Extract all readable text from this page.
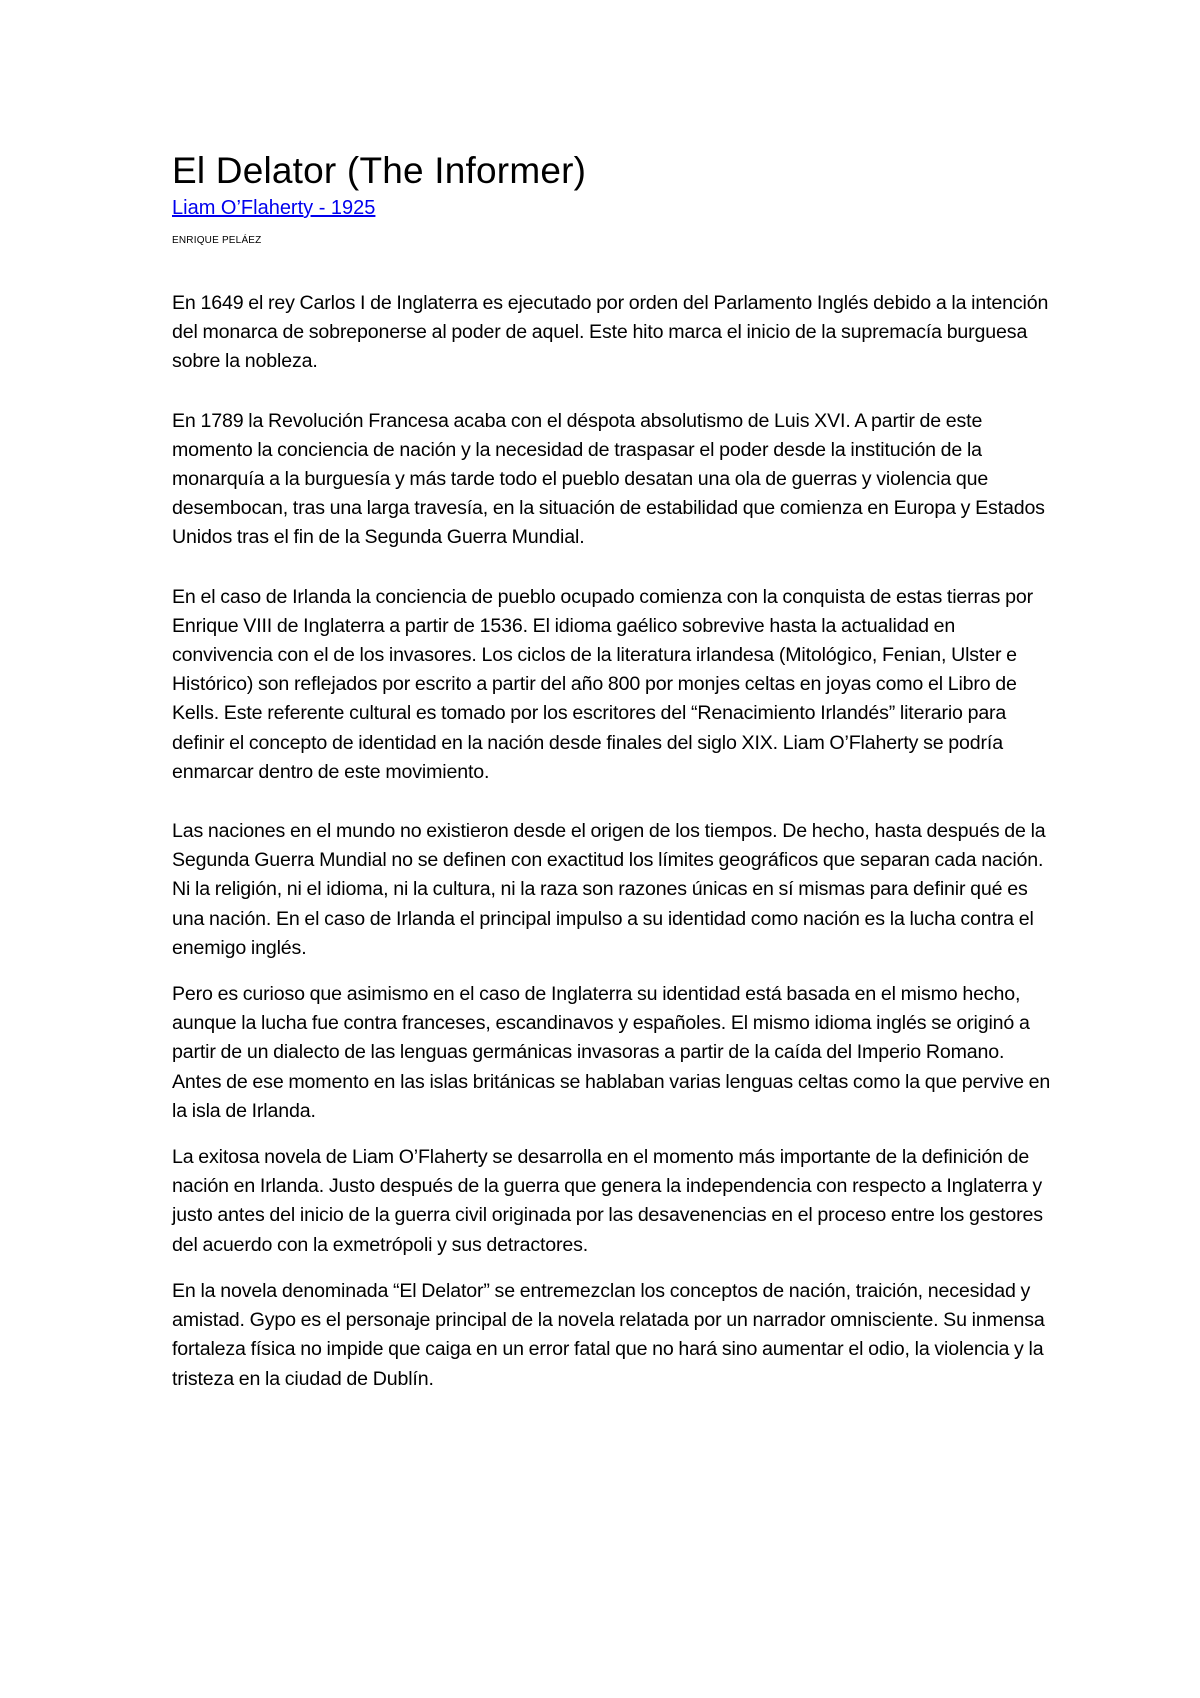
El Delator (The Informer)

Liam O’Flaherty - 1925

ENRIQUE PELÁEZ

En 1649 el rey Carlos I de Inglaterra es ejecutado por orden del Parlamento Inglés debido a la intención del monarca de sobreponerse al poder de aquel. Este hito marca el inicio de la supremacía burguesa sobre la nobleza.

En 1789 la Revolución Francesa acaba con el déspota absolutismo de Luis XVI. A partir de este momento la conciencia de nación y la necesidad de traspasar el poder desde la institución de la monarquía a la burguesía y más tarde todo el pueblo desatan una ola de guerras y violencia que desembocan, tras una larga travesía, en la situación de estabilidad que comienza en Europa y Estados Unidos tras el fin de la Segunda Guerra Mundial.

En el caso de Irlanda la conciencia de pueblo ocupado comienza con la conquista de estas tierras por Enrique VIII de Inglaterra a partir de 1536. El idioma gaélico sobrevive hasta la actualidad en convivencia con el de los invasores. Los ciclos de la literatura irlandesa (Mitológico, Fenian, Ulster e Histórico) son reflejados por escrito a partir del año 800 por monjes celtas en joyas como el Libro de Kells. Este referente cultural es tomado por los escritores del “Renacimiento Irlandés” literario para definir el concepto de identidad en la nación desde finales del siglo XIX. Liam O’Flaherty se podría enmarcar dentro de este movimiento.

Las naciones en el mundo no existieron desde el origen de los tiempos. De hecho, hasta después de la Segunda Guerra Mundial no se definen con exactitud los límites geográficos que separan cada nación. Ni la religión, ni el idioma, ni la cultura, ni la raza son razones únicas en sí mismas para definir qué es una nación. En el caso de Irlanda el principal impulso a su identidad como nación es la lucha contra el enemigo inglés.

Pero es curioso que asimismo en el caso de Inglaterra su identidad está basada en el mismo hecho, aunque la lucha fue contra franceses, escandinavos y españoles. El mismo idioma inglés se originó a partir de un dialecto de las lenguas germánicas invasoras a partir de la caída del Imperio Romano. Antes de ese momento en las islas británicas se hablaban varias lenguas celtas como la que pervive en la isla de Irlanda.

La exitosa novela de Liam O’Flaherty se desarrolla en el momento más importante de la definición de nación en Irlanda. Justo después de la guerra que genera la independencia con respecto a Inglaterra y justo antes del inicio de la guerra civil originada por las desavenencias en el proceso entre los gestores del acuerdo con la exmetrópoli y sus detractores.

En la novela denominada “El Delator” se entremezclan los conceptos de nación, traición, necesidad y amistad. Gypo es el personaje principal de la novela relatada por un narrador omnisciente. Su inmensa fortaleza física no impide que caiga en un error fatal que no hará sino aumentar el odio, la violencia y la tristeza en la ciudad de Dublín.
